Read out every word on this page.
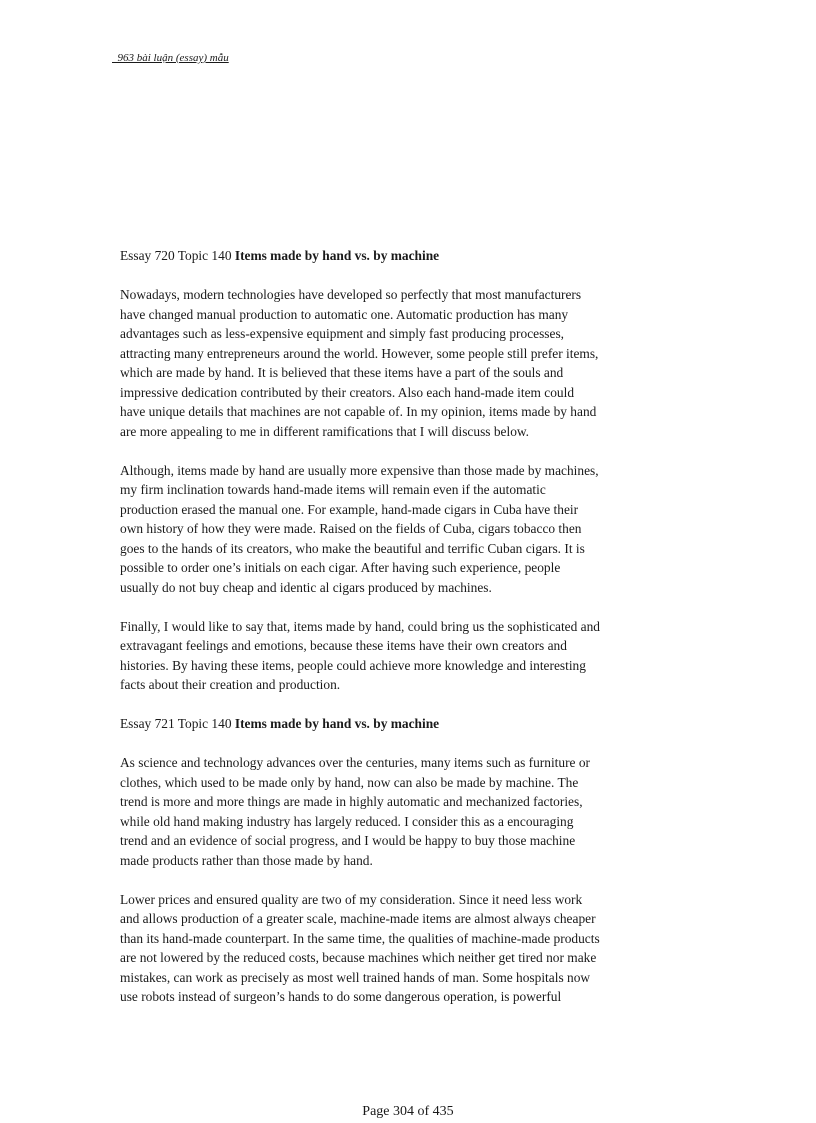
963 bài luận (essay) mẫu

Essay 720 Topic 140 Items made by hand vs. by machine

Nowadays, modern technologies have developed so perfectly that most manufacturers
have changed manual production to automatic one. Automatic production has many
advantages such as less-expensive equipment and simply fast producing processes,
attracting many entrepreneurs around the world. However, some people still prefer items,
which are made by hand. It is believed that these items have a part of the souls and
impressive dedication contributed by their creators. Also each hand-made item could
have unique details that machines are not capable of. In my opinion, items made by hand
are more appealing to me in different ramifications that I will discuss below.

Although, items made by hand are usually more expensive than those made by machines,
my firm inclination towards hand-made items will remain even if the automatic
production erased the manual one. For example, hand-made cigars in Cuba have their
own history of how they were made. Raised on the fields of Cuba, cigars tobacco then
goes to the hands of its creators, who make the beautiful and terrific Cuban cigars. It is
possible to order one’s initials on each cigar. After having such experience, people
usually do not buy cheap and identic al cigars produced by machines.

Finally, I would like to say that, items made by hand, could bring us the sophisticated and
extravagant feelings and emotions, because these items have their own creators and
histories. By having these items, people could achieve more knowledge and interesting
facts about their creation and production.

Essay 721 Topic 140 Items made by hand vs. by machine

As science and technology advances over the centuries, many items such as furniture or
clothes, which used to be made only by hand, now can also be made by machine. The
trend is more and more things are made in highly automatic and mechanized factories,
while old hand making industry has largely reduced. I consider this as a encouraging
trend and an evidence of social progress, and I would be happy to buy those machine
made products rather than those made by hand.

Lower prices and ensured quality are two of my consideration. Since it need less work
and allows production of a greater scale, machine-made items are almost always cheaper
than its hand-made counterpart. In the same time, the qualities of machine-made products
are not lowered by the reduced costs, because machines which neither get tired nor make
mistakes, can work as precisely as most well trained hands of man. Some hospitals now
use robots instead of surgeon’s hands to do some dangerous operation, is powerful

Page 304 of 435
